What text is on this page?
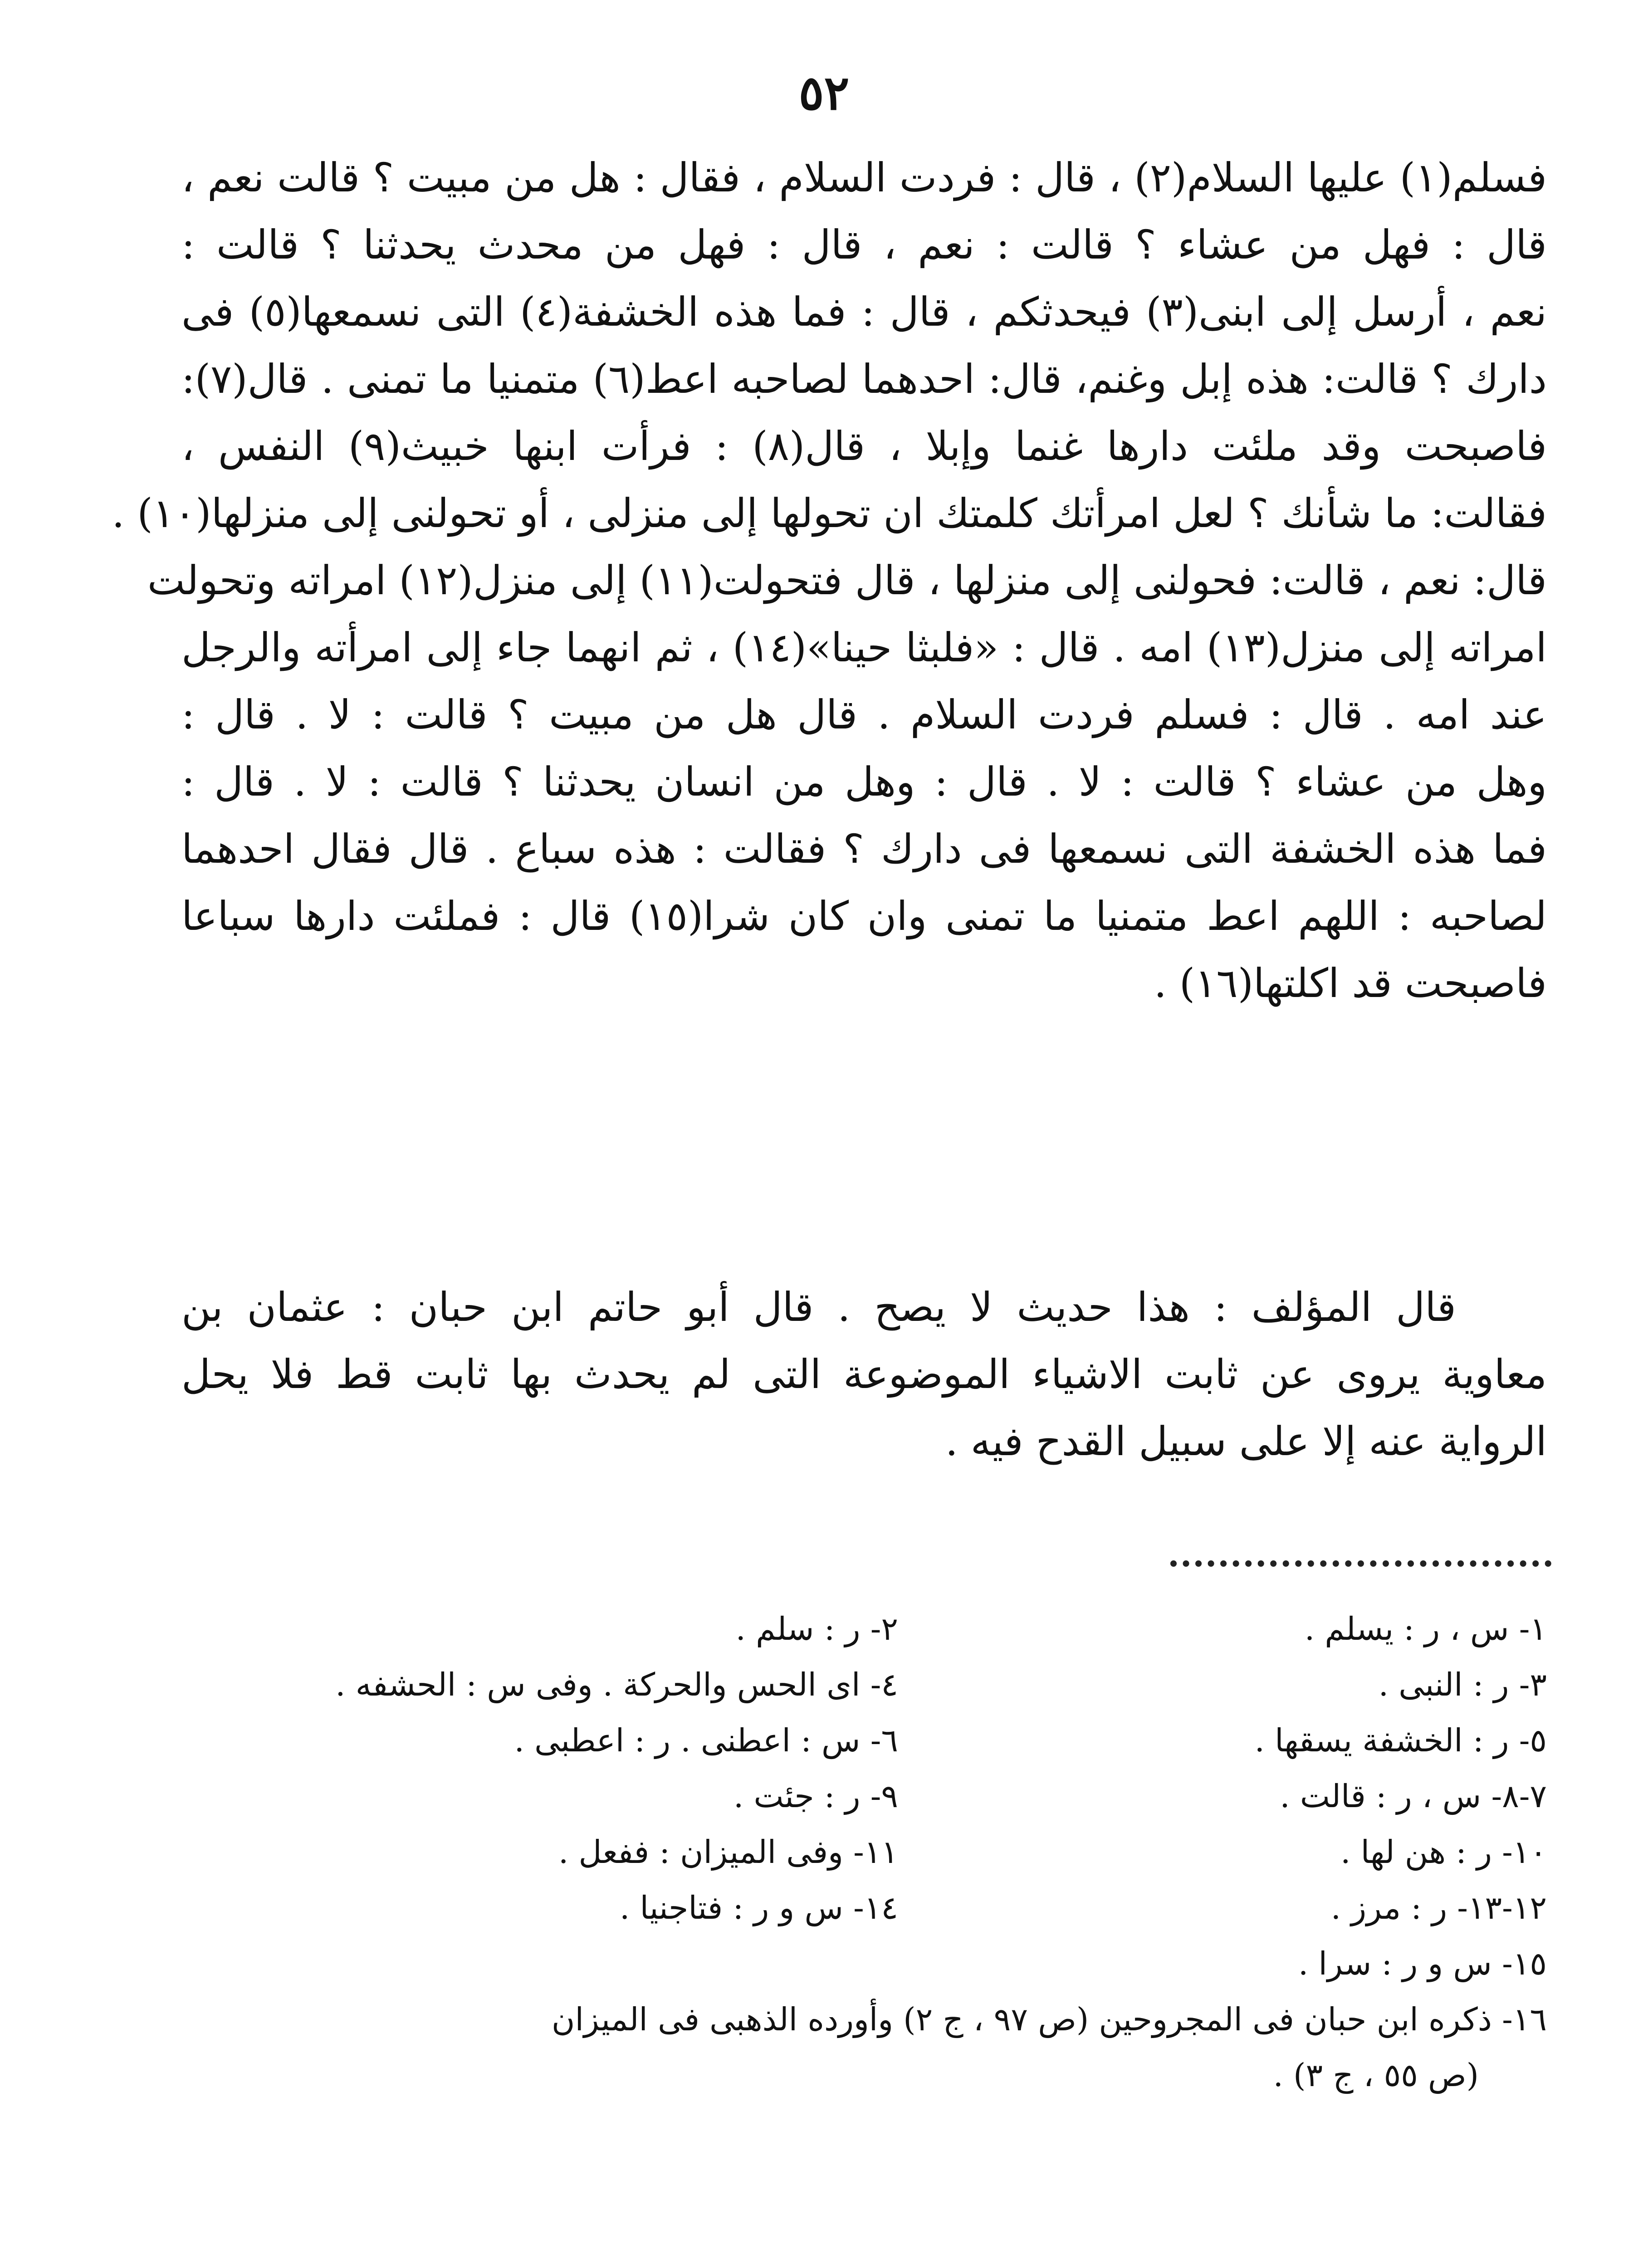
٥٢
فسلم(١) عليها السلام(٢) ، قال : فردت السلام ، فقال : هل من مبيت ؟ قالت نعم ،
قال : فهل من عشاء ؟ قالت : نعم ، قال : فهل من محدث يحدثنا ؟ قالت :
نعم ، أرسل إلى ابنى(٣) فيحدثكم ، قال : فما هذه الخشفة(٤) التى نسمعها(٥) فى
دارك ؟ قالت: هذه إبل وغنم، قال: احدهما لصاحبه اعط(٦) متمنيا ما تمنى . قال(٧):
فاصبحت وقد ملئت دارها غنما وإبلا ، قال(٨) : فرأت ابنها خبيث(٩) النفس ،
فقالت: ما شأنك ؟ لعل امرأتك كلمتك ان تحولها إلى منزلى ، أو تحولنى إلى منزلها(١٠) .
قال: نعم ، قالت: فحولنى إلى منزلها ، قال فتحولت(١١) إلى منزل(١٢) امراته وتحولت
امراته إلى منزل(١٣) امه . قال : «فلبثا حينا»(١٤) ، ثم انهما جاء إلى امرأته والرجل
عند امه . قال : فسلم فردت السلام . قال هل من مبيت ؟ قالت : لا . قال :
وهل من عشاء ؟ قالت : لا . قال : وهل من انسان يحدثنا ؟ قالت : لا . قال :
فما هذه الخشفة التى نسمعها فى دارك ؟ فقالت : هذه سباع . قال فقال احدهما
لصاحبه : اللهم اعط متمنيا ما تمنى وان كان شرا(١٥) قال : فملئت دارها سباعا
فاصبحت قد اكلتها(١٦) .
قال المؤلف : هذا حديث لا يصح . قال أبو حاتم ابن حبان : عثمان بن
معاوية يروى عن ثابت الاشياء الموضوعة التى لم يحدث بها ثابت قط فلا يحل
الرواية عنه إلا على سبيل القدح فيه .
١- س ، ر : يسلم .
٢- ر : سلم .
٣- ر : النبى .
٤- اى الحس والحركة . وفى س : الحشفه .
٥- ر : الخشفة يسقها .
٦- س : اعطنى . ر : اعطبى .
٧-٨- س ، ر : قالت .
٩- ر : جئت .
١٠- ر : هن لها .
١١- وفى الميزان : ففعل .
١٢-١٣- ر : مرز .
١٤- س و ر : فتاجنيا .
١٥- س و ر : سرا .
١٦- ذكره ابن حبان فى المجروحين (ص ٩٧ ، ج ٢) وأورده الذهبى فى الميزان
(ص ٥٥ ، ج ٣) .
